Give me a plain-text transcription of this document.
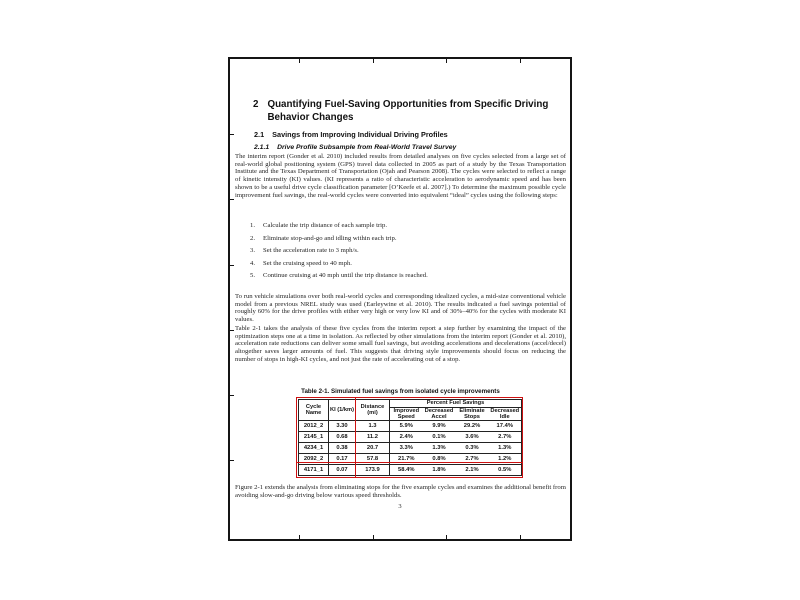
2 Quantifying Fuel-Saving Opportunities from Specific Driving
Behavior Changes
2.1 Savings from Improving Individual Driving Profiles
2.1.1 Drive Profile Subsample from Real-World Travel Survey
The interim report (Gonder et al. 2010) included results from detailed analyses on five cycles selected from a large set of real-world global positioning system (GPS) travel data collected in 2005 as part of a study by the Texas Transportation Institute and the Texas Department of Transportation (Ojah and Pearson 2008). The cycles were selected to reflect a range of kinetic intensity (KI) values. (KI represents a ratio of characteristic acceleration to aerodynamic speed and has been shown to be a useful drive cycle classification parameter [O’Keefe et al. 2007].) To determine the maximum possible cycle improvement fuel savings, the real-world cycles were converted into equivalent “ideal” cycles using the following steps:
1.	Calculate the trip distance of each sample trip.
2.	Eliminate stop-and-go and idling within each trip.
3.	Set the acceleration rate to 3 mph/s.
4.	Set the cruising speed to 40 mph.
5.	Continue cruising at 40 mph until the trip distance is reached.
To run vehicle simulations over both real-world cycles and corresponding idealized cycles, a mid-size conventional vehicle model from a previous NREL study was used (Earleywine et al. 2010). The results indicated a fuel savings potential of roughly 60% for the drive profiles with either very high or very low KI and of 30%–40% for the cycles with moderate KI values.
Table 2-1 takes the analysis of these five cycles from the interim report a step further by examining the impact of the optimization steps one at a time in isolation. As reflected by other simulations from the interim report (Gonder et al. 2010), acceleration rate reductions can deliver some small fuel savings, but avoiding accelerations and decelerations (accel/decel) altogether saves larger amounts of fuel. This suggests that driving style improvements should focus on reducing the number of stops in high-KI cycles, and not just the rate of accelerating out of a stop.
Table 2-1. Simulated fuel savings from isolated cycle improvements
Cycle Name	KI (1/km)	Distance (mi)	Percent Fuel Savings			
			Improved Speed	Decreased Accel	Eliminate Stops	Decreased Idle
2012_2	3.30	1.3	5.9%	9.9%	29.2%	17.4%
2145_1	0.68	11.2	2.4%	0.1%	3.6%	2.7%
4234_1	0.38	20.7	3.3%	1.3%	0.3%	1.3%
2092_2	0.17	57.8	21.7%	0.8%	2.7%	1.2%
4171_1	0.07	173.9	58.4%	1.8%	2.1%	0.5%
Figure 2-1 extends the analysis from eliminating stops for the five example cycles and examines the additional benefit from avoiding slow-and-go driving below various speed thresholds.
3
